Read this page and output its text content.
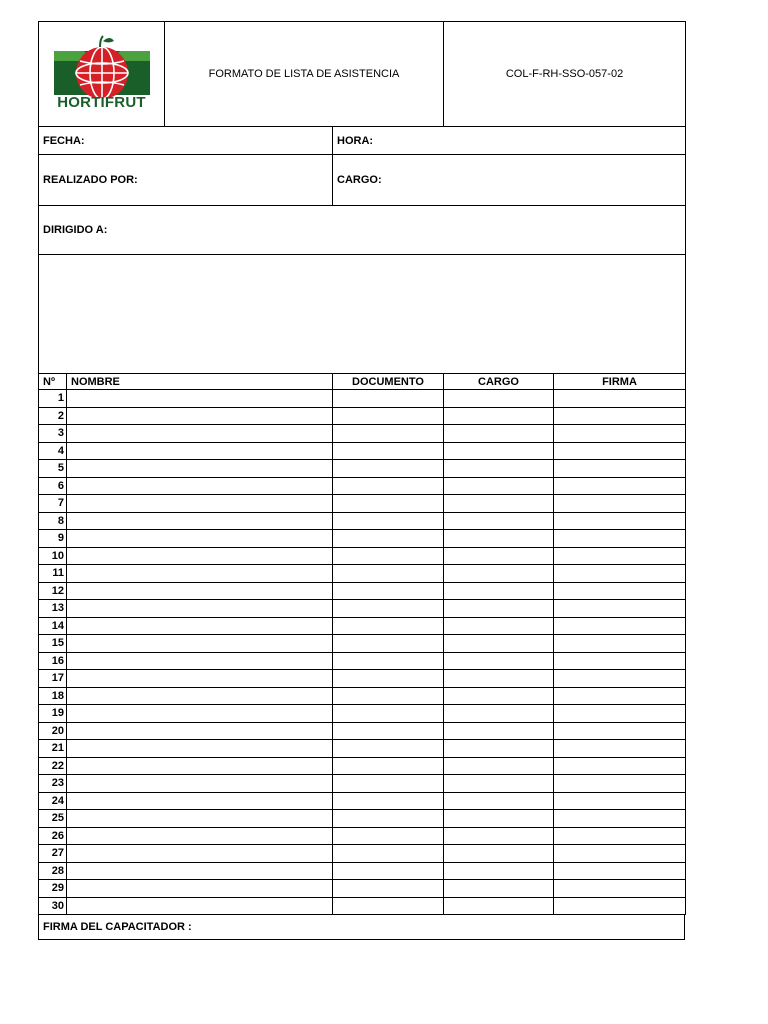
HORTIFRUT	FORMATO DE LISTA DE ASISTENCIA		COL-F-RH-SSO-057-02
FECHA:		HORA:	
REALIZADO POR:		CARGO:	
DIRIGIDO A:			

Nº	NOMBRE	DOCUMENTO	CARGO	FIRMA
1				
2				
3				
4				
5				
6				
7				
8				
9				
10				
11				
12				
13				
14				
15				
16				
17				
18				
19				
20				
21				
22				
23				
24				
25				
26				
27				
28				
29				
30				
FIRMA DEL CAPACITADOR :
